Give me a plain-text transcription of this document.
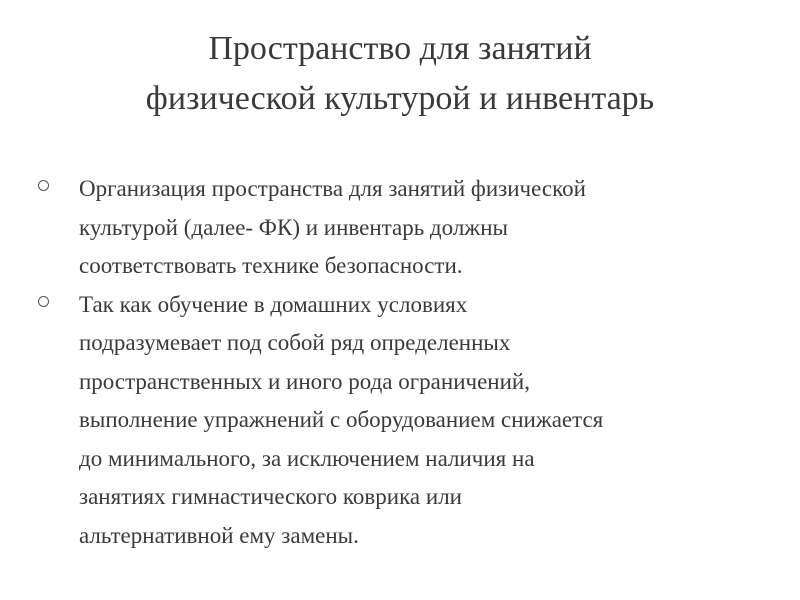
Пространство для занятий
физической культурой и инвентарь
Организация пространства для занятий физической
культурой (далее- ФК) и инвентарь должны
соответствовать технике безопасности.
Так как обучение в домашних условиях
подразумевает под собой ряд определенных
пространственных и иного рода ограничений,
выполнение упражнений с оборудованием снижается
до минимального, за исключением наличия на
занятиях гимнастического коврика или
альтернативной ему замены.
